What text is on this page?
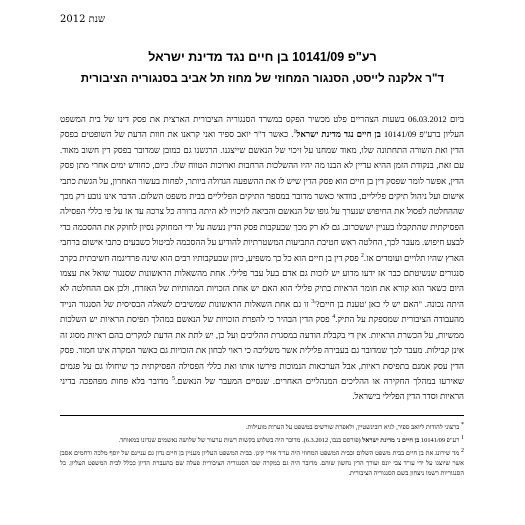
שנת 2012
רע"פ 10141/09 בן חיים נגד מדינת ישראל
ד"ר אלקנה לייסט, הסנגור המחוזי של מחוז תל אביב בסנגוריה הציבורית
ביום 06.03.2012 בשעות הצהריים פלט מכשיר הפקס במשרד הסנגוריה הציבורית הארצית את פסק דינו של בית המשפט העליון ברע"פ 10141/09 בן חיים נגד מדינת ישראל$^1$. כאשר ד"ר יואב ספיר ואני קראנו את חוות הדעת של השופטים בפסק הדין ואת השורה התחתונה שלו, מאוד שמחנו על זיכוי של הנאשם שייצגנו. הרגשנו גם כמובן שמדובר בפסק דין חשוב מאוד. עם זאת, בנקודת הזמן ההיא עדיין לא הבנו מה יהיו ההשלכות הרחבות וארוכות הטווח שלו. כיום, כחודש ימים אחרי מתן פסק הדין, אפשר לומר שפסק דין בן חיים הוא פסק הדין שיש לו את ההשפעה הגדולה ביותר, לפחות בעשור האחרון, על הגשת כתבי אישום ועל ניהול תיקים פליליים, בוודאי כאשר מדובר במספר התיקים הפליליים בבית משפט השלום. הדבר אינו נובע רק מכך שההחלטה לפסול את החיפוש שנערך על גופו של הנאשם והביאה לזיכויו לא היתה ברורה כל צרכה עד אז על פי כללי הפסילה הפסיקתית שהתקבלו בעניין יששכרוב. גם לא רק מכך שבעקבות פסק הדין נעשה על ידי המחוקק נסיון לחוקק את ההסכמה כדי לבצע חיפוש. מעבר לכך, החלטה ראש חטיבת התביעות המשטרתיות להודיע על ההסכמה לביטול כשבעים כתבי אישום ברחבי הארץ שהיו תלויים ועומדים אז.$^2$ פסק דין בן חיים הוא כל כך משפיע, כיוון שבעקבותיו רבים הוא שינה פרדיגמה חשיבתית בקרב סנגורים שנשיטתם כבר אז ידעו מדוע יש לזכות גם אדם בעל עבר פלילי. אחת מהשאלות הראשונות שסנגור שואל את עצמו היום כשאר הוא קורא את חומר הראיות בתיק פלילי הוא האם יש אחת הזכויות המהותיות של האזרח, ולכן אם ההחלטה לא היתה נכונה. "האם יש לי כאן 'טענת בן $חיים?'^3$ זו גם אחת השאלות הראשונות שמשיבים לשאלה הבסיסית של הסנגור הנייד מהעבודה הציבורית שמספקת על התיק.$^4$ פסק הדין הבהיר כי להפרת הזכויות של הנאשם במהלך תפיסת הראיות יש השלכות ממשיות, על הכשרת הראיות. אין די בקבלת הודעה במסגרת ההליכים ועל כן, יש לתת את הדעת למקרים בהם ראיות מסוג זה אינן קבילות. מעבר לכך שמדובר גם בעבירה פלילית אשר משליכה כי ראוי לבחון את הזכויות גם כאשר המקרה אינו חמור. פסק הדין עסק אמנם בתפיסת ראיות, אבל הערכאות הנמוכות פירשו אותו ואת כללי הפסילה הפסיקתית כך שיחולו גם על פגמים שאירעו במהלך החקירה או ההליכים המנהליים האחרים. שנסיים המעבר של הנאשם.$^5$ מדובר בלא פחות מפהפכה בדיני הראיות וסדר הדין הפלילי בישראל.
* ברצוני להודות ליואב ספיר, לגיא רובינשטיין, ולאפרת שורשים במשפט על הערות מועילות.
$^1$ רע"פ 10141/09 בן חיים נ' מדינת ישראל (פורסם בנבו, 6.3.2012). מדובר היה בשלוש בקשות רשות ערעור של שלושה נאשמים שנדונו במאוחד.
$^2$ מד שירונג את בן חיים בבית משפט השלום ובבית המשפט המחוזי היה עו"ד אורי קינן. בבית המשפט העליון מעניין בן חיים נדון גם עניינם של יוסף מלכה ורחמים אסבן אשר שיוצגו על ידי עו"ד צבי יונס ועורך הדין נחשון שוהם. מדובר היה גם במקרה שבו הסנגוריה הציבורית פעלה שם בהעברת הדיון ככלל לבית המשפט העליון. כל הסנגוריות רשמו ניצחון בשם הסנגוריה הציבורית.
